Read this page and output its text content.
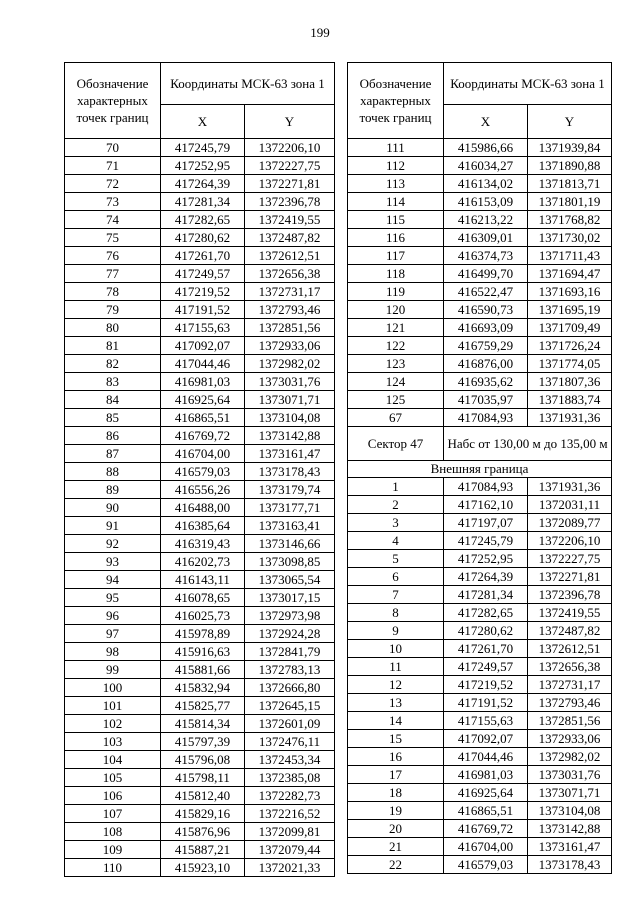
199
Обозначение характерных точек границ	Координаты МСК-63 зона 1	
	X	Y
70	417245,79	1372206,10
71	417252,95	1372227,75
72	417264,39	1372271,81
73	417281,34	1372396,78
74	417282,65	1372419,55
75	417280,62	1372487,82
76	417261,70	1372612,51
77	417249,57	1372656,38
78	417219,52	1372731,17
79	417191,52	1372793,46
80	417155,63	1372851,56
81	417092,07	1372933,06
82	417044,46	1372982,02
83	416981,03	1373031,76
84	416925,64	1373071,71
85	416865,51	1373104,08
86	416769,72	1373142,88
87	416704,00	1373161,47
88	416579,03	1373178,43
89	416556,26	1373179,74
90	416488,00	1373177,71
91	416385,64	1373163,41
92	416319,43	1373146,66
93	416202,73	1373098,85
94	416143,11	1373065,54
95	416078,65	1373017,15
96	416025,73	1372973,98
97	415978,89	1372924,28
98	415916,63	1372841,79
99	415881,66	1372783,13
100	415832,94	1372666,80
101	415825,77	1372645,15
102	415814,34	1372601,09
103	415797,39	1372476,11
104	415796,08	1372453,34
105	415798,11	1372385,08
106	415812,40	1372282,73
107	415829,16	1372216,52
108	415876,96	1372099,81
109	415887,21	1372079,44
110	415923,10	1372021,33
Обозначение характерных точек границ	Координаты МСК-63 зона 1	
	X	Y
111	415986,66	1371939,84
112	416034,27	1371890,88
113	416134,02	1371813,71
114	416153,09	1371801,19
115	416213,22	1371768,82
116	416309,01	1371730,02
117	416374,73	1371711,43
118	416499,70	1371694,47
119	416522,47	1371693,16
120	416590,73	1371695,19
121	416693,09	1371709,49
122	416759,29	1371726,24
123	416876,00	1371774,05
124	416935,62	1371807,36
125	417035,97	1371883,74
67	417084,93	1371931,36
Сектор 47	Набс от 130,00 м до 135,00 м	
Внешняя граница		
1	417084,93	1371931,36
2	417162,10	1372031,11
3	417197,07	1372089,77
4	417245,79	1372206,10
5	417252,95	1372227,75
6	417264,39	1372271,81
7	417281,34	1372396,78
8	417282,65	1372419,55
9	417280,62	1372487,82
10	417261,70	1372612,51
11	417249,57	1372656,38
12	417219,52	1372731,17
13	417191,52	1372793,46
14	417155,63	1372851,56
15	417092,07	1372933,06
16	417044,46	1372982,02
17	416981,03	1373031,76
18	416925,64	1373071,71
19	416865,51	1373104,08
20	416769,72	1373142,88
21	416704,00	1373161,47
22	416579,03	1373178,43
